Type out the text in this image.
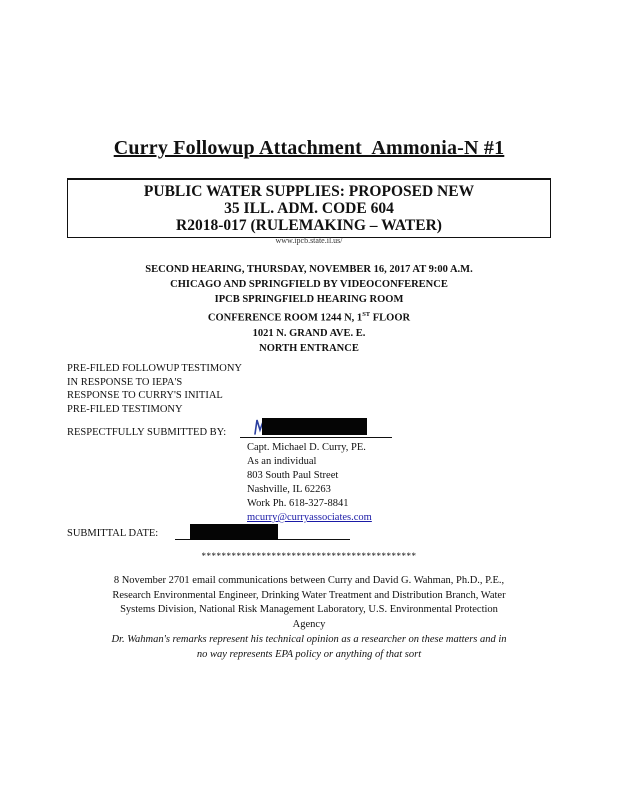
Curry Followup Attachment  Ammonia-N #1
PUBLIC WATER SUPPLIES: PROPOSED NEW
35 ILL. ADM. CODE 604
R2018-017 (RULEMAKING – WATER)
www.ipcb.state.il.us/
SECOND HEARING, THURSDAY, NOVEMBER 16, 2017 AT 9:00 A.M.
CHICAGO AND SPRINGFIELD BY VIDEOCONFERENCE
IPCB SPRINGFIELD HEARING ROOM
CONFERENCE ROOM 1244 N, 1ST FLOOR
1021 N. GRAND AVE. E.
NORTH ENTRANCE
PRE-FILED FOLLOWUP TESTIMONY
IN RESPONSE TO IEPA'S
RESPONSE TO CURRY'S INITIAL
PRE-FILED TESTIMONY
RESPECTFULLY SUBMITTED BY:
Capt. Michael D. Curry, PE.
As an individual
803 South Paul Street
Nashville, IL 62263
Work Ph. 618-327-8841
mcurry@curryassociates.com
SUBMITTAL DATE:
*******************************************
8 November 2701 email communications between Curry and David G. Wahman, Ph.D., P.E.,
Research Environmental Engineer, Drinking Water Treatment and Distribution Branch, Water
Systems Division, National Risk Management Laboratory, U.S. Environmental Protection
Agency
Dr. Wahman's remarks represent his technical opinion as a researcher on these matters and in
no way represents EPA policy or anything of that sort
